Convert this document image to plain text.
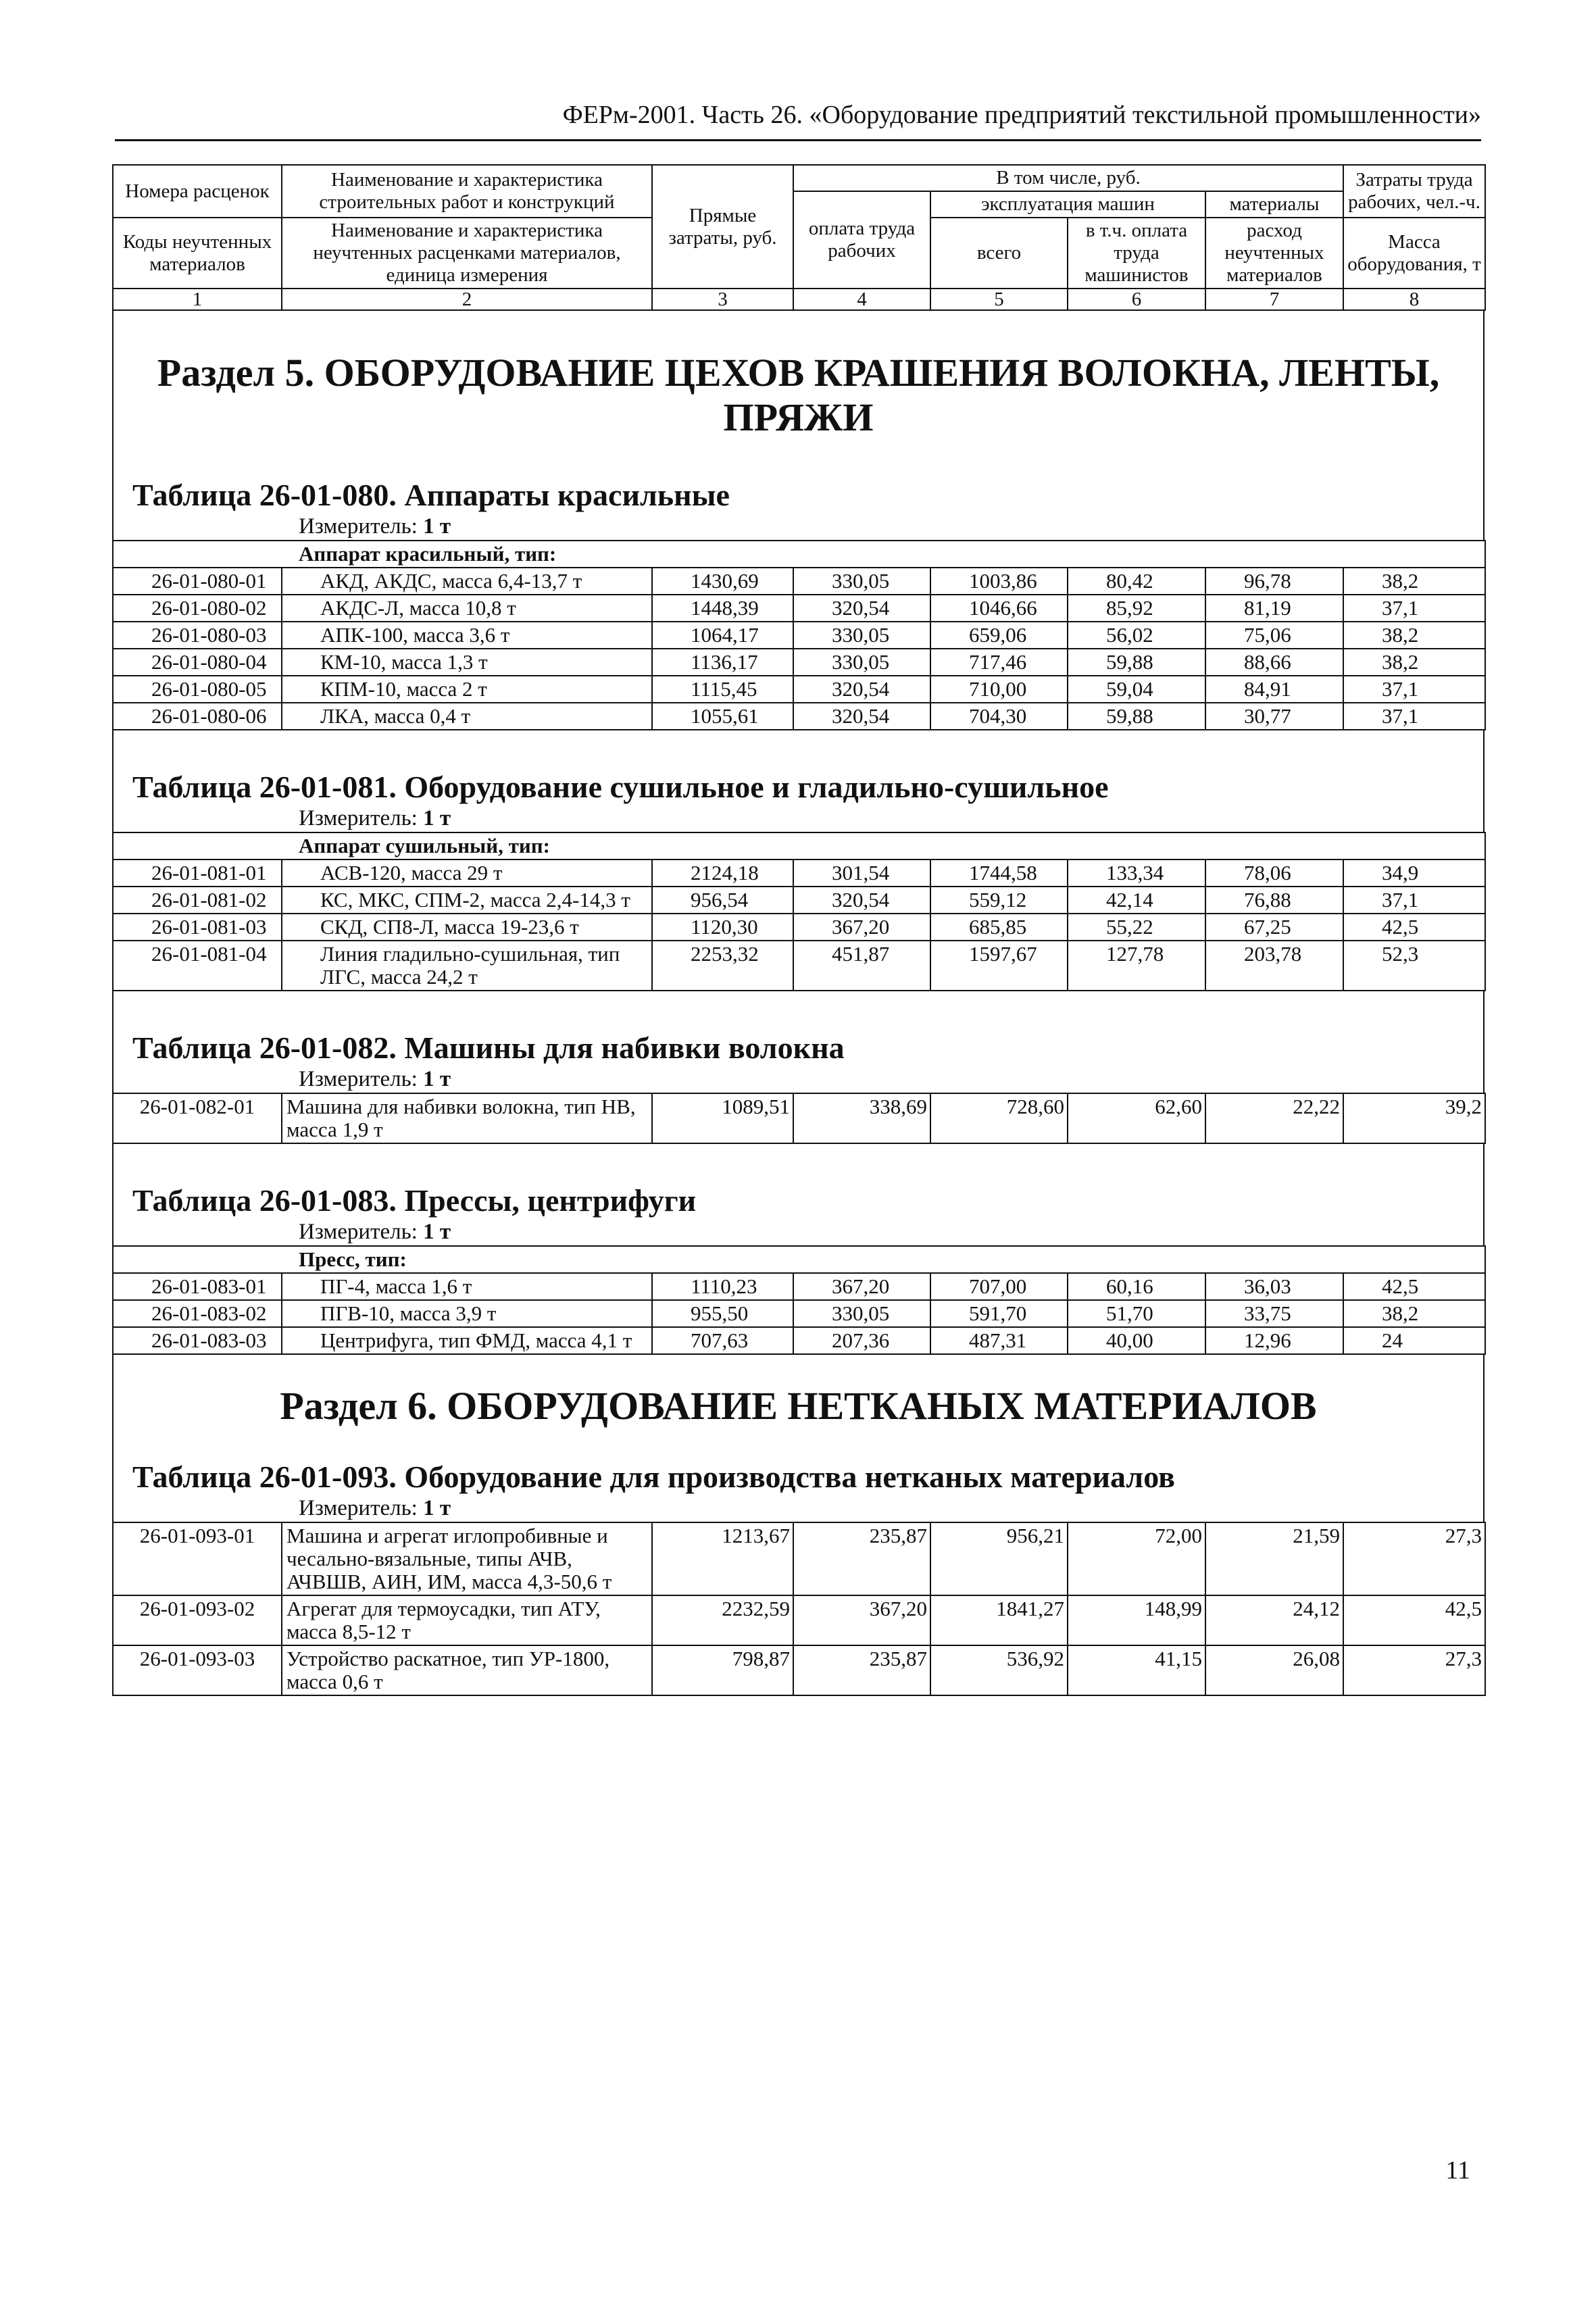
ФЕРм-2001. Часть 26. «Оборудование предприятий текстильной промышленности»
Номера расценок	Наименование и характеристика строительных работ и конструкций	Прямые затраты, руб.	В том числе, руб.				Затраты труда рабочих, чел.-ч.
			оплата труда рабочих	эксплуатация машин		материалы	
Коды неучтенных материалов	Наименование и характеристика неучтенных расценками материалов, единица измерения			всего	в т.ч. оплата труда машинистов	расход неучтенных материалов	
							Масса оборудования, т
1	2	3	4	5	6	7	8
Раздел 5. ОБОРУДОВАНИЕ ЦЕХОВ КРАШЕНИЯ ВОЛОКНА, ЛЕНТЫ, ПРЯЖИ
Таблица 26-01-080. Аппараты красильные
Измеритель: 1 т
Аппарат красильный, тип:							
26-01-080-01	АКД, АКДС, масса 6,4-13,7 т	1430,69	330,05	1003,86	80,42	96,78	38,2
26-01-080-02	АКДС-Л, масса 10,8 т	1448,39	320,54	1046,66	85,92	81,19	37,1
26-01-080-03	АПК-100, масса 3,6 т	1064,17	330,05	659,06	56,02	75,06	38,2
26-01-080-04	КМ-10, масса 1,3 т	1136,17	330,05	717,46	59,88	88,66	38,2
26-01-080-05	КПМ-10, масса 2 т	1115,45	320,54	710,00	59,04	84,91	37,1
26-01-080-06	ЛКА, масса 0,4 т	1055,61	320,54	704,30	59,88	30,77	37,1
Таблица 26-01-081. Оборудование сушильное и гладильно-сушильное
Измеритель: 1 т
Аппарат сушильный, тип:							
26-01-081-01	АСВ-120, масса 29 т	2124,18	301,54	1744,58	133,34	78,06	34,9
26-01-081-02	КС, МКС, СПМ-2, масса 2,4-14,3 т	956,54	320,54	559,12	42,14	76,88	37,1
26-01-081-03	СКД, СП8-Л, масса 19-23,6 т	1120,30	367,20	685,85	55,22	67,25	42,5
26-01-081-04	Линия гладильно-сушильная, тип ЛГС, масса 24,2 т	2253,32	451,87	1597,67	127,78	203,78	52,3
Таблица 26-01-082. Машины для набивки волокна
Измеритель: 1 т
26-01-082-01	Машина для набивки волокна, тип НВ, масса 1,9 т	1089,51	338,69	728,60	62,60	22,22	39,2
Таблица 26-01-083. Прессы, центрифуги
Измеритель: 1 т
Пресс, тип:							
26-01-083-01	ПГ-4, масса 1,6 т	1110,23	367,20	707,00	60,16	36,03	42,5
26-01-083-02	ПГВ-10, масса 3,9 т	955,50	330,05	591,70	51,70	33,75	38,2
26-01-083-03	Центрифуга, тип ФМД, масса 4,1 т	707,63	207,36	487,31	40,00	12,96	24
Раздел 6. ОБОРУДОВАНИЕ НЕТКАНЫХ МАТЕРИАЛОВ
Таблица 26-01-093. Оборудование для производства нетканых материалов
Измеритель: 1 т
26-01-093-01	Машина и агрегат иглопробивные и чесально-вязальные, типы АЧВ, АЧВШВ, АИН, ИМ, масса 4,3-50,6 т	1213,67	235,87	956,21	72,00	21,59	27,3
26-01-093-02	Агрегат для термоусадки, тип АТУ, масса 8,5-12 т	2232,59	367,20	1841,27	148,99	24,12	42,5
26-01-093-03	Устройство раскатное, тип УР-1800, масса 0,6 т	798,87	235,87	536,92	41,15	26,08	27,3
11
